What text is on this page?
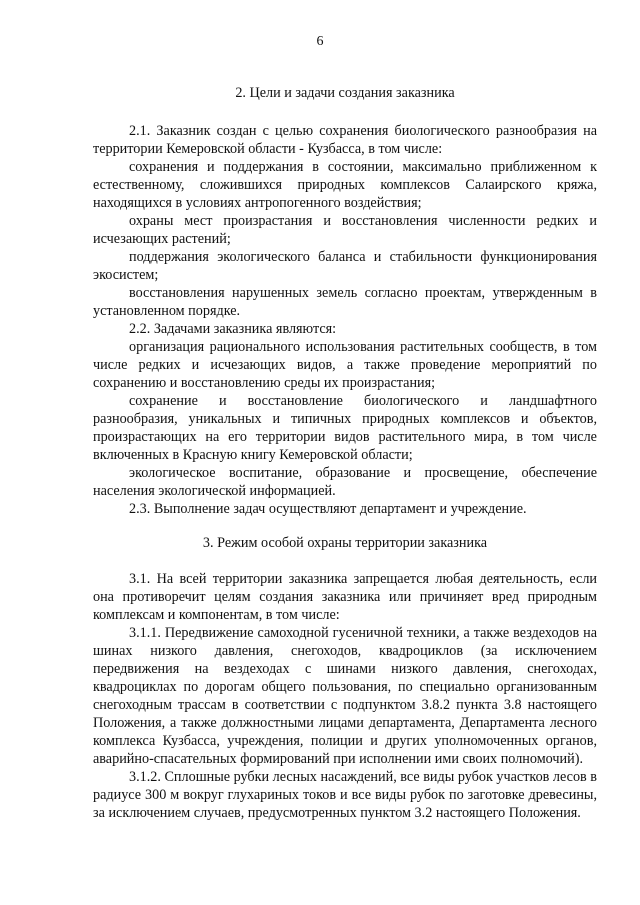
6

2. Цели и задачи создания заказника

2.1. Заказник создан с целью сохранения биологического разнообразия на территории Кемеровской области - Кузбасса, в том числе:

сохранения и поддержания в состоянии, максимально приближенном к естественному, сложившихся природных комплексов Салаирского кряжа, находящихся в условиях антропогенного воздействия;

охраны мест произрастания и восстановления численности редких и исчезающих растений;

поддержания экологического баланса и стабильности функционирования экосистем;

восстановления нарушенных земель согласно проектам, утвержденным в установленном порядке.

2.2. Задачами заказника являются:

организация рационального использования растительных сообществ, в том числе редких и исчезающих видов, а также проведение мероприятий по сохранению и восстановлению среды их произрастания;

сохранение и восстановление биологического и ландшафтного разнообразия, уникальных и типичных природных комплексов и объектов, произрастающих на его территории видов растительного мира, в том числе включенных в Красную книгу Кемеровской области;

экологическое воспитание, образование и просвещение, обеспечение населения экологической информацией.

2.3. Выполнение задач осуществляют департамент и учреждение.

3. Режим особой охраны территории заказника

3.1. На всей территории заказника запрещается любая деятельность, если она противоречит целям создания заказника или причиняет вред природным комплексам и компонентам, в том числе:

3.1.1. Передвижение самоходной гусеничной техники, а также вездеходов на шинах низкого давления, снегоходов, квадроциклов (за исключением передвижения на вездеходах с шинами низкого давления, снегоходах, квадроциклах по дорогам общего пользования, по специально организованным снегоходным трассам в соответствии с подпунктом 3.8.2 пункта 3.8 настоящего Положения, а также должностными лицами департамента, Департамента лесного комплекса Кузбасса, учреждения, полиции и других уполномоченных органов, аварийно-спасательных формирований при исполнении ими своих полномочий).

3.1.2. Сплошные рубки лесных насаждений, все виды рубок участков лесов в радиусе 300 м вокруг глухариных токов и все виды рубок по заготовке древесины, за исключением случаев, предусмотренных пунктом 3.2 настоящего Положения.
